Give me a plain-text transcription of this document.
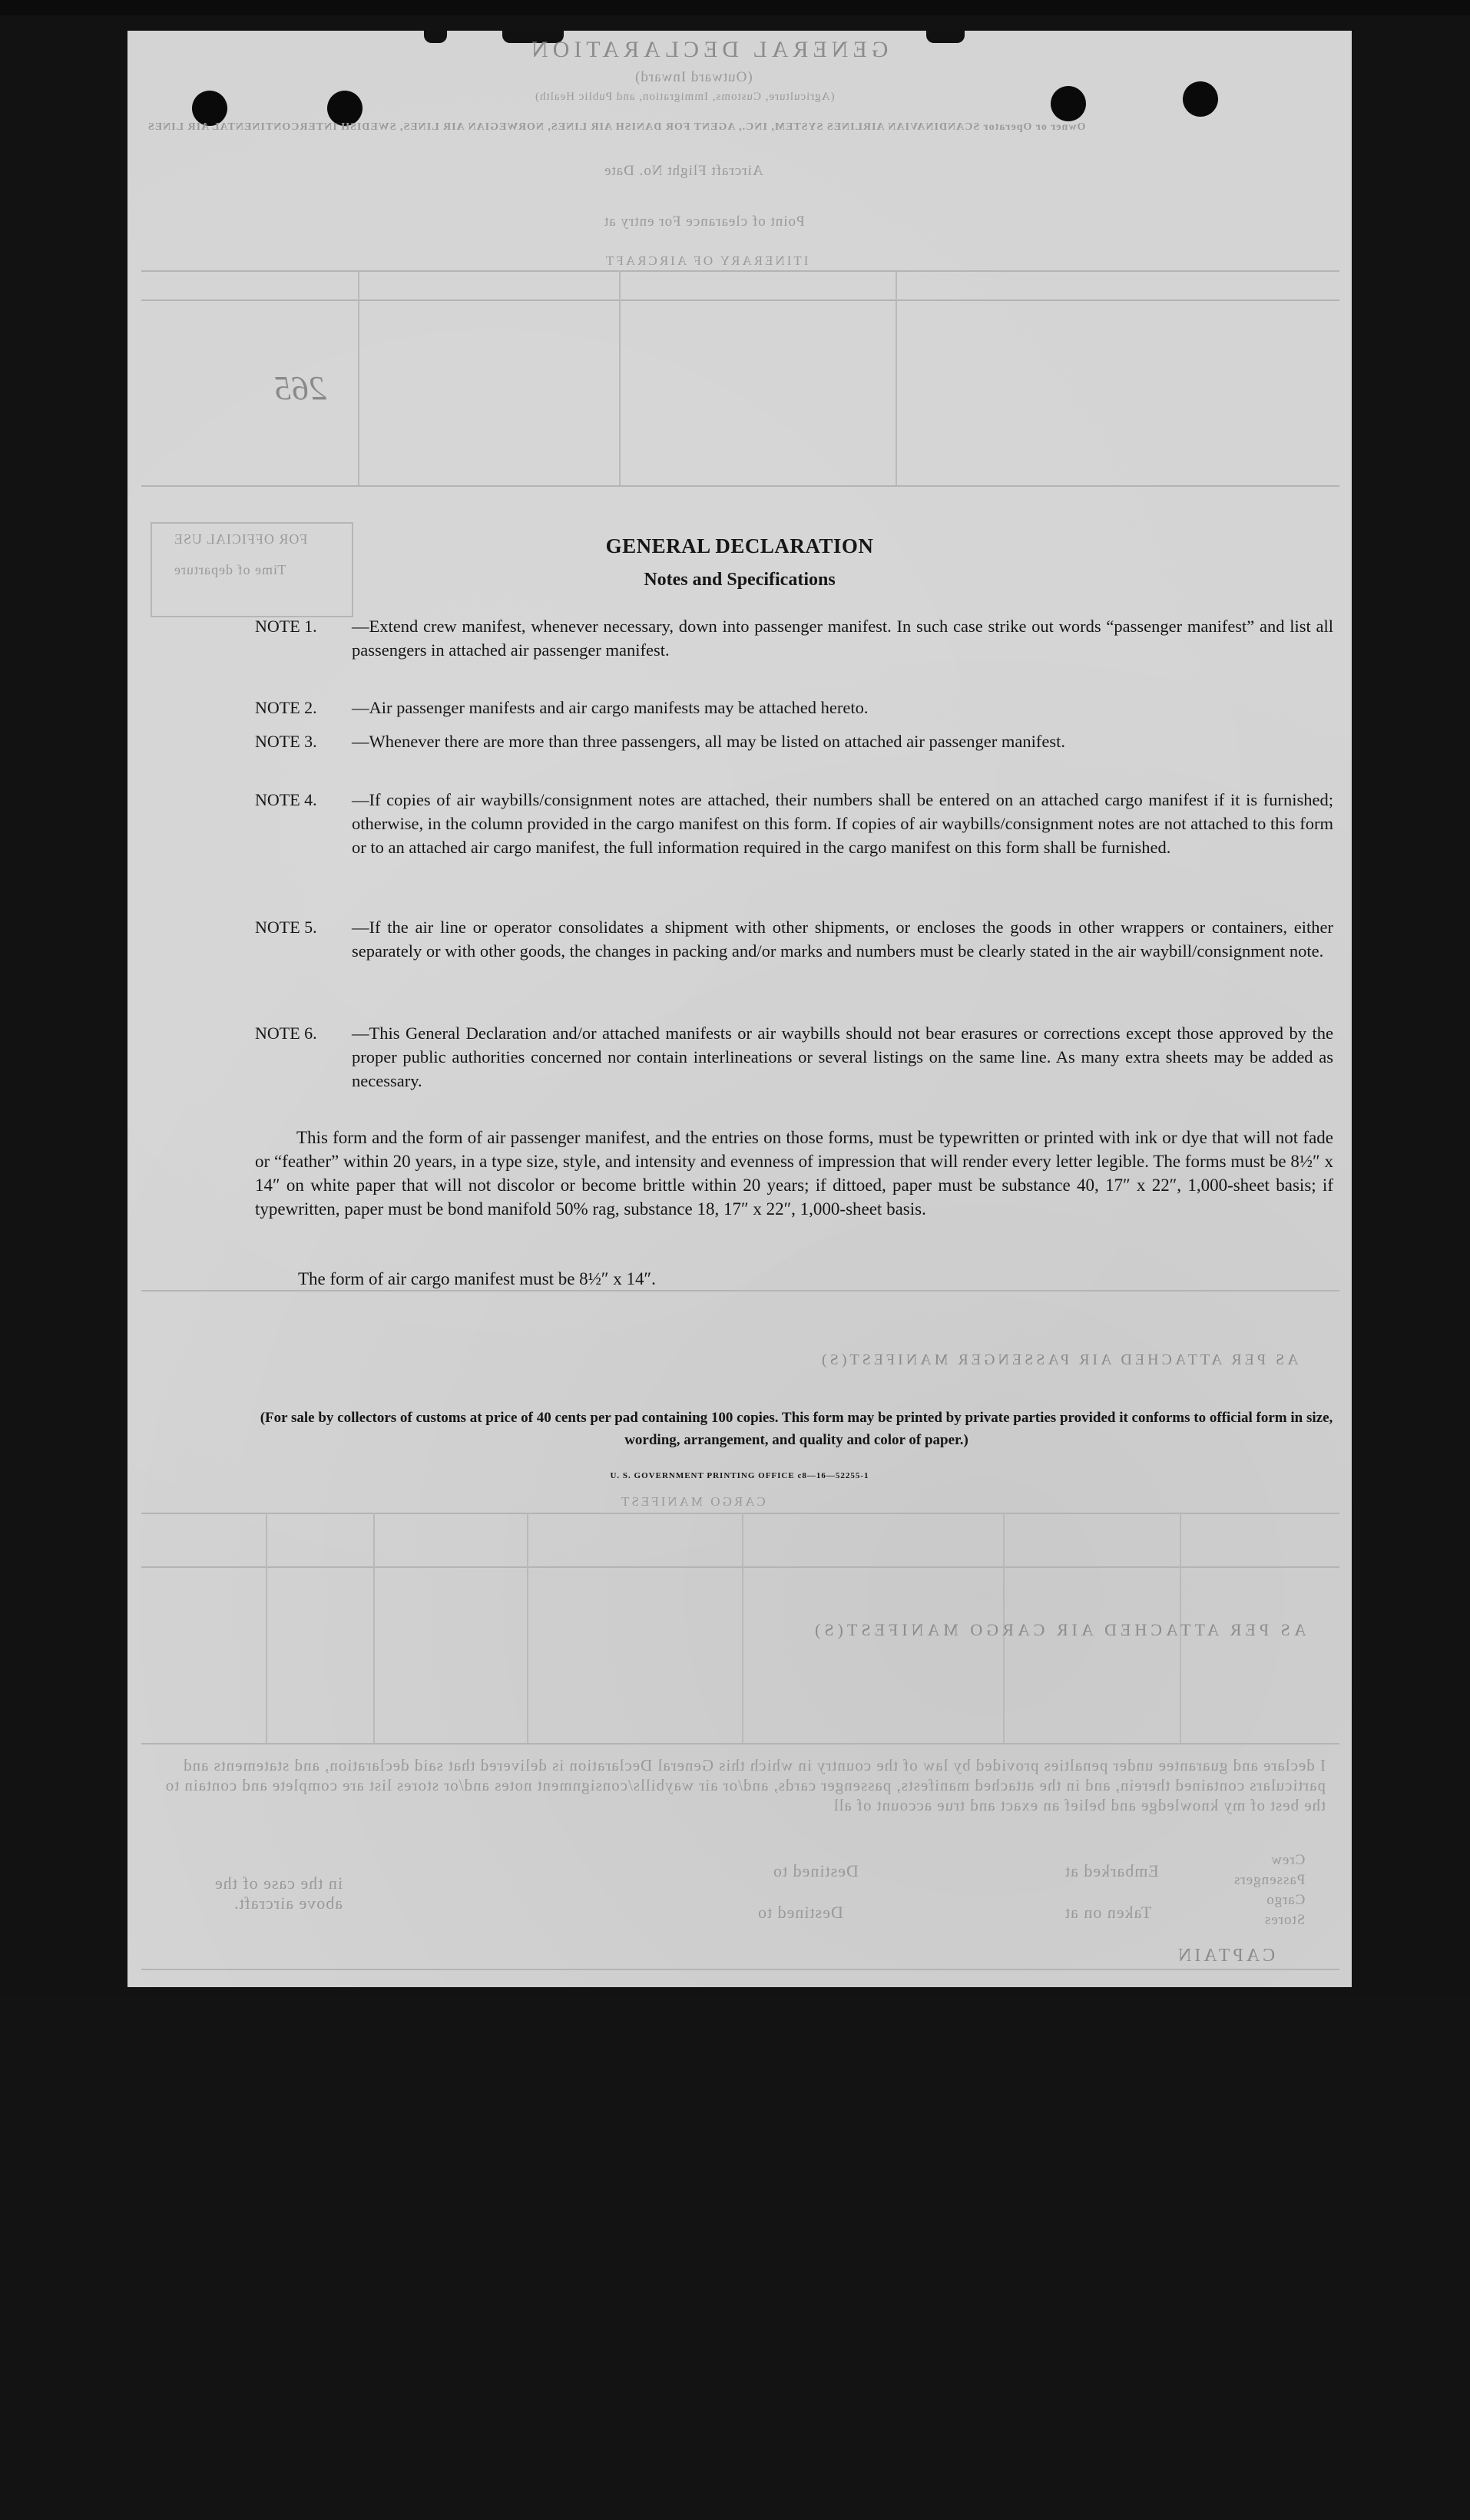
GENERAL DECLARATION
(Outward Inward)
(Agriculture, Customs, Immigration, and Public Health)
Owner or Operator SCANDINAVIAN AIRLINES SYSTEM, INC., AGENT FOR DANISH AIR LINES, NORWEGIAN AIR LINES, SWEDISH INTERCONTINENTAL AIR LINES
Aircraft Flight No. Date
Point of clearance For entry at
ITINERARY OF AIRCRAFT
265
FOR OFFICIAL USE
Time of departure
AS PER ATTACHED AIR PASSENGER MANIFEST(S)
CARGO MANIFEST
AS PER ATTACHED AIR CARGO MANIFEST(S)
I declare and guarantee under penalties provided by law of the country in which this General Declaration is delivered that said declaration, and statements and particulars contained therein, and in the attached manifests, passenger cards, and/or air waybills/consignment notes and/or stores list are complete and contain to the best of my knowledge and belief an exact and true account of all
Crew
Passengers
Cargo
Stores
Embarked at
Destined to
Taken on at
Destined to
in the case of the above aircraft.
CAPTAIN
GENERAL DECLARATION
Notes and Specifications
NOTE 1.	—Extend crew manifest, whenever necessary, down into passenger manifest. In such case strike out words “passenger manifest” and list all passengers in attached air passenger manifest.
NOTE 2.	—Air passenger manifests and air cargo manifests may be attached hereto.
NOTE 3.	—Whenever there are more than three passengers, all may be listed on attached air passenger manifest.
NOTE 4.	—If copies of air waybills/consignment notes are attached, their numbers shall be entered on an attached cargo manifest if it is furnished; otherwise, in the column provided in the cargo manifest on this form. If copies of air waybills/consignment notes are not attached to this form or to an attached air cargo manifest, the full information required in the cargo manifest on this form shall be furnished.
NOTE 5.	—If the air line or operator consolidates a shipment with other shipments, or encloses the goods in other wrappers or containers, either separately or with other goods, the changes in packing and/or marks and numbers must be clearly stated in the air waybill/consignment note.
NOTE 6.	—This General Declaration and/or attached manifests or air waybills should not bear erasures or corrections except those approved by the proper public authorities concerned nor contain interlineations or several listings on the same line. As many extra sheets may be added as necessary.
This form and the form of air passenger manifest, and the entries on those forms, must be typewritten or printed with ink or dye that will not fade or “feather” within 20 years, in a type size, style, and intensity and evenness of impression that will render every letter legible. The forms must be 8½″ x 14″ on white paper that will not discolor or become brittle within 20 years; if dittoed, paper must be substance 40, 17″ x 22″, 1,000-sheet basis; if typewritten, paper must be bond manifold 50% rag, substance 18, 17″ x 22″, 1,000-sheet basis.
The form of air cargo manifest must be 8½″ x 14″.
(For sale by collectors of customs at price of 40 cents per pad containing 100 copies. This form may be printed by private parties provided it conforms to official form in size, wording, arrangement, and quality and color of paper.)
U. S. GOVERNMENT PRINTING OFFICE c8—16—52255-1
